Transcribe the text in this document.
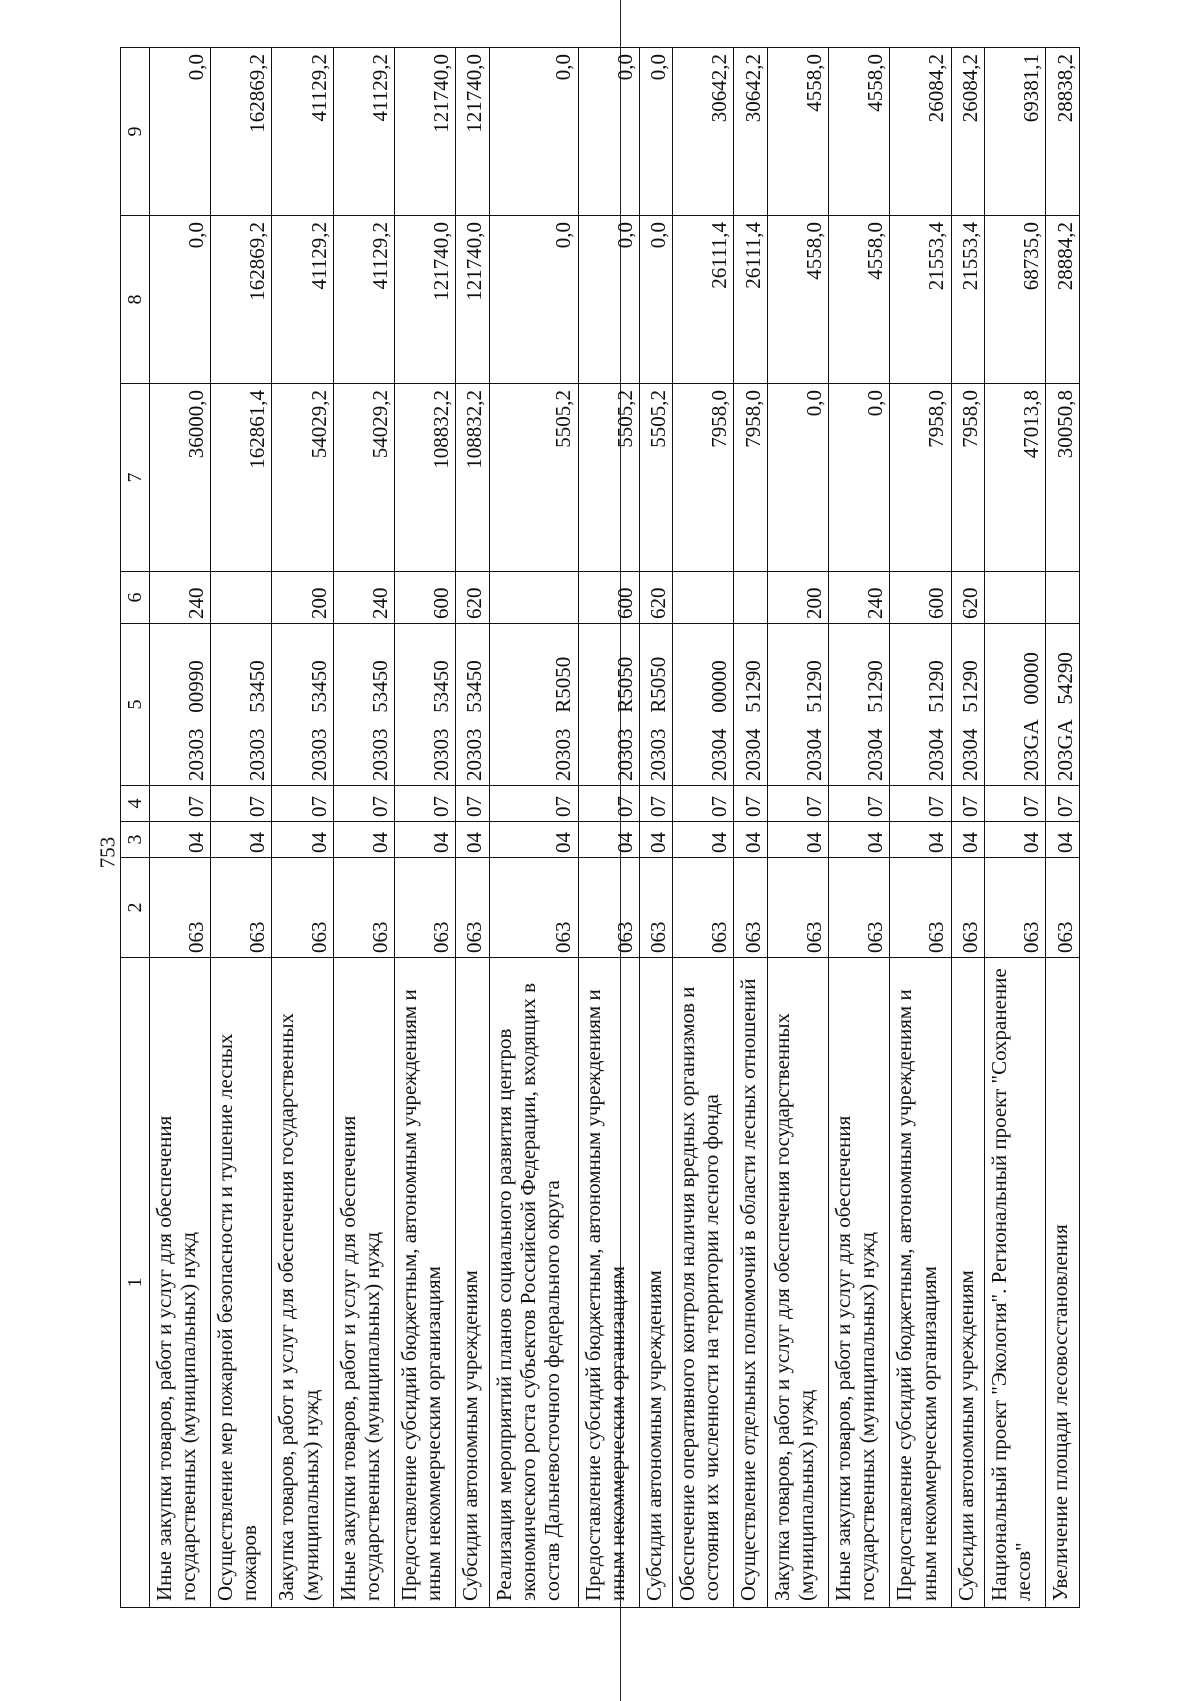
753
1	2	3	4	5	6	7	8	9
Иные закупки товаров, работ и услуг для обеспечения государственных (муниципальных) нужд	063	04	07	20303   00990	240	36000,0	0,0	0,0
Осуществление мер пожарной безопасности и тушение лесных пожаров	063	04	07	20303   53450		162861,4	162869,2	162869,2
Закупка товаров, работ и услуг для обеспечения государственных (муниципальных) нужд	063	04	07	20303   53450	200	54029,2	41129,2	41129,2
Иные закупки товаров, работ и услуг для обеспечения государственных (муниципальных) нужд	063	04	07	20303   53450	240	54029,2	41129,2	41129,2
Предоставление субсидий бюджетным, автономным учреждениям и иным некоммерческим организациям	063	04	07	20303   53450	600	108832,2	121740,0	121740,0
Субсидии автономным учреждениям	063	04	07	20303   53450	620	108832,2	121740,0	121740,0
Реализация мероприятий планов социального развития центров экономического роста субъектов Российской Федерации, входящих в состав Дальневосточного федерального округа	063	04	07	20303   R5050		5505,2	0,0	0,0
Предоставление субсидий бюджетным, автономным учреждениям и иным некоммерческим организациям	063	04	07	20303   R5050	600	5505,2	0,0	0,0
Субсидии автономным учреждениям	063	04	07	20303   R5050	620	5505,2	0,0	0,0
Обеспечение оперативного контроля наличия вредных организмов и состояния их численности на территории лесного фонда	063	04	07	20304   00000		7958,0	26111,4	30642,2
Осуществление отдельных полномочий в области лесных отношений	063	04	07	20304   51290		7958,0	26111,4	30642,2
Закупка товаров, работ и услуг для обеспечения государственных (муниципальных) нужд	063	04	07	20304   51290	200	0,0	4558,0	4558,0
Иные закупки товаров, работ и услуг для обеспечения государственных (муниципальных) нужд	063	04	07	20304   51290	240	0,0	4558,0	4558,0
Предоставление субсидий бюджетным, автономным учреждениям и иным некоммерческим организациям	063	04	07	20304   51290	600	7958,0	21553,4	26084,2
Субсидии автономным учреждениям	063	04	07	20304   51290	620	7958,0	21553,4	26084,2
Национальный проект "Экология". Региональный проект "Сохранение лесов"	063	04	07	203GA   00000		47013,8	68735,0	69381,1
Увеличение площади лесовосстановления	063	04	07	203GA   54290		30050,8	28884,2	28838,2
